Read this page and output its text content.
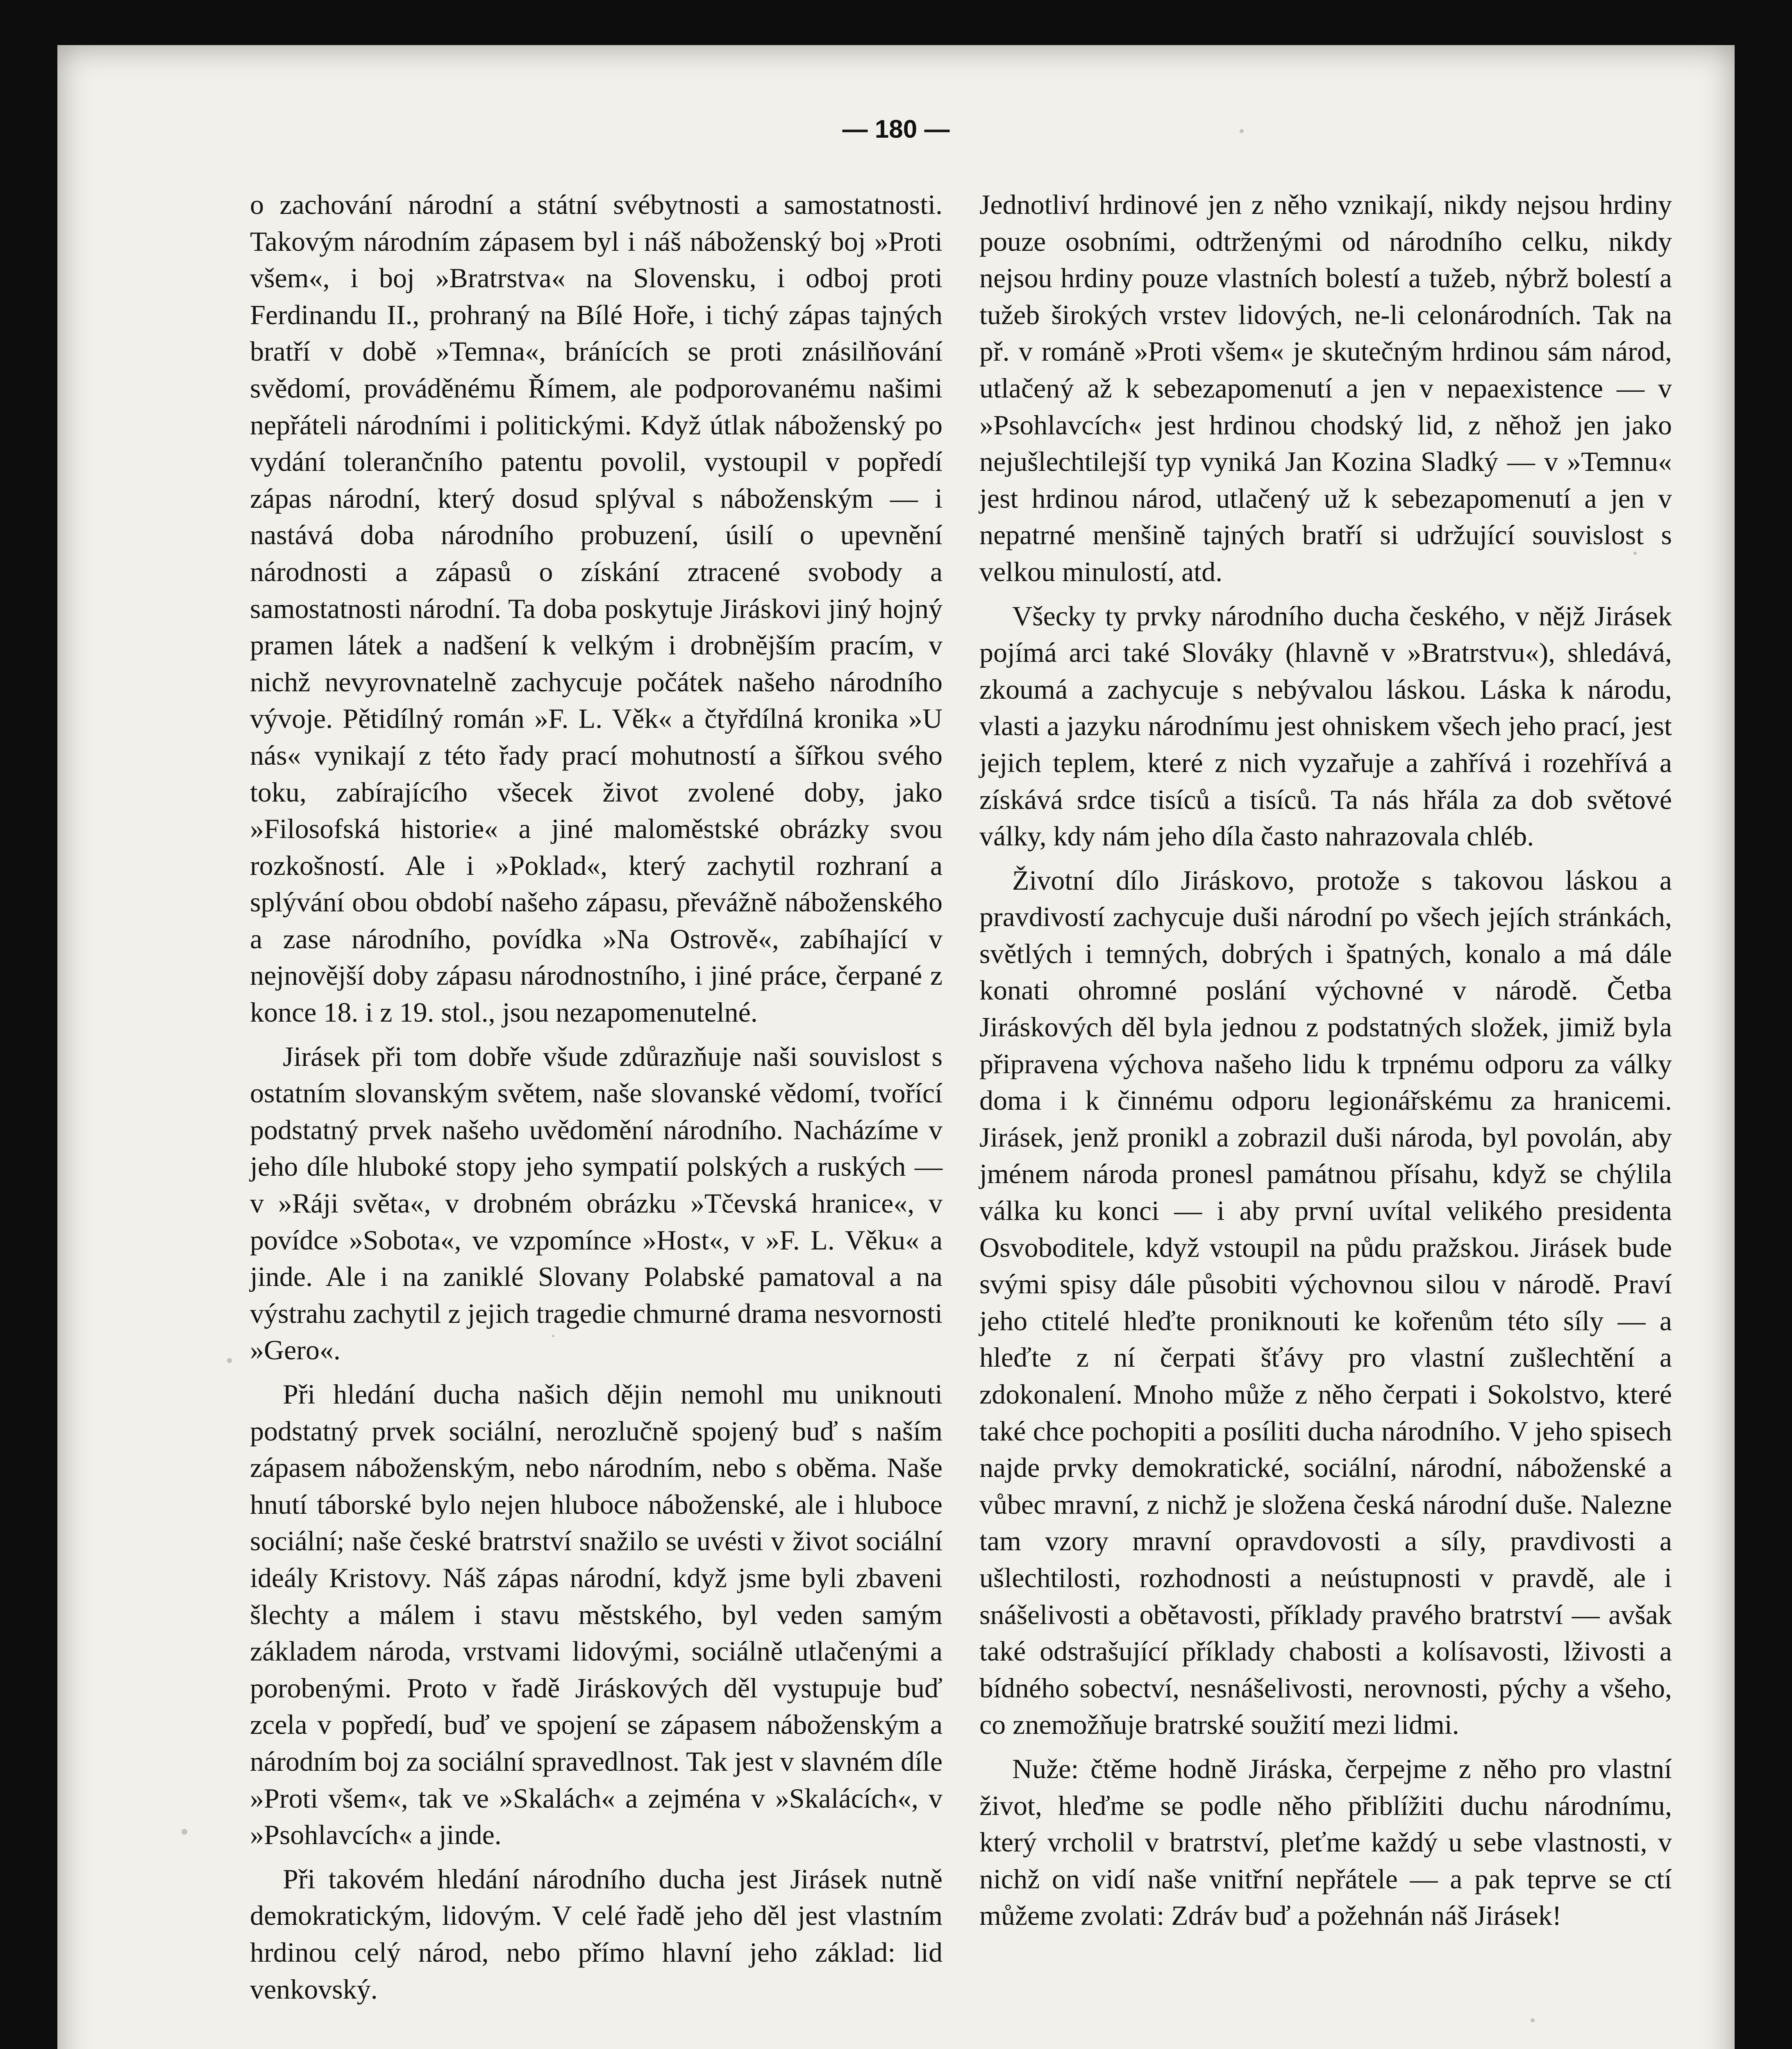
— 180 —

o zachování národní a státní svébytnosti a samostatnosti. Takovým národním zápasem byl i náš náboženský boj »Proti všem«, i boj »Bratrstva« na Slovensku, i odboj proti Ferdinandu II., prohraný na Bílé Hoře, i tichý zápas tajných bratří v době »Temna«, bránících se proti znásilňování svědomí, prováděnému Římem, ale podporovanému našimi nepřáteli národními i politickými. Když útlak náboženský po vydání tolerančního patentu povolil, vystoupil v popředí zápas národní, který dosud splýval s náboženským — i nastává doba národního probuzení, úsilí o upevnění národnosti a zápasů o získání ztracené svobody a samostatnosti národní. Ta doba poskytuje Jiráskovi jiný hojný pramen látek a nadšení k velkým i drobnějším pracím, v nichž nevyrovnatelně zachycuje počátek našeho národního vývoje. Pětidílný román »F. L. Věk« a čtyřdílná kronika »U nás« vynikají z této řady prací mohutností a šířkou svého toku, zabírajícího všecek život zvolené doby, jako »Filosofská historie« a jiné maloměstské obrázky svou rozkošností. Ale i »Poklad«, který zachytil rozhraní a splývání obou období našeho zápasu, převážně náboženského a zase národního, povídka »Na Ostrově«, zabíhající v nejnovější doby zápasu národnostního, i jiné práce, čerpané z konce 18. i z 19. stol., jsou nezapomenutelné.

Jirásek při tom dobře všude zdůrazňuje naši souvislost s ostatním slovanským světem, naše slovanské vědomí, tvořící podstatný prvek našeho uvědomění národního. Nacházíme v jeho díle hluboké stopy jeho sympatií polských a ruských — v »Ráji světa«, v drobném obrázku »Tčevská hranice«, v povídce »Sobota«, ve vzpomínce »Host«, v »F. L. Věku« a jinde. Ale i na zaniklé Slovany Polabské pamatoval a na výstrahu zachytil z jejich tragedie chmurné drama nesvornosti »Gero«.

Při hledání ducha našich dějin nemohl mu uniknouti podstatný prvek sociální, nerozlučně spojený buď s naším zápasem náboženským, nebo národním, nebo s oběma. Naše hnutí táborské bylo nejen hluboce náboženské, ale i hluboce sociální; naše české bratrství snažilo se uvésti v život sociální ideály Kristovy. Náš zápas národní, když jsme byli zbaveni šlechty a málem i stavu městského, byl veden samým základem národa, vrstvami lidovými, sociálně utlačenými a porobenými. Proto v řadě Jiráskových děl vystupuje buď zcela v popředí, buď ve spojení se zápasem náboženským a národním boj za sociální spravedlnost. Tak jest v slavném díle »Proti všem«, tak ve »Skalách« a zejména v »Skalácích«, v »Psohlavcích« a jinde.

Při takovém hledání národního ducha jest Jirásek nutně demokratickým, lidovým. V celé řadě jeho děl jest vlastním hrdinou celý národ, nebo přímo hlavní jeho základ: lid venkovský.

Jednotliví hrdinové jen z něho vznikají, nikdy nejsou hrdiny pouze osobními, odtrženými od národního celku, nikdy nejsou hrdiny pouze vlastních bolestí a tužeb, nýbrž bolestí a tužeb širokých vrstev lidových, ne-li celonárodních. Tak na př. v románě »Proti všem« je skutečným hrdinou sám národ, utlačený až k sebezapomenutí a jen v nepaexistence — v »Psohlavcích« jest hrdinou chodský lid, z něhož jen jako nejušlechtilejší typ vyniká Jan Kozina Sladký — v »Temnu« jest hrdinou národ, utlačený už k sebezapomenutí a jen v nepatrné menšině tajných bratří si udržující souvislost s velkou minulostí, atd.

Všecky ty prvky národního ducha českého, v nějž Jirásek pojímá arci také Slováky (hlavně v »Bratrstvu«), shledává, zkoumá a zachycuje s nebývalou láskou. Láska k národu, vlasti a jazyku národnímu jest ohniskem všech jeho prací, jest jejich teplem, které z nich vyzařuje a zahřívá i rozehřívá a získává srdce tisíců a tisíců. Ta nás hřála za dob světové války, kdy nám jeho díla často nahrazovala chléb.

Životní dílo Jiráskovo, protože s takovou láskou a pravdivostí zachycuje duši národní po všech jejích stránkách, světlých i temných, dobrých i špatných, konalo a má dále konati ohromné poslání výchovné v národě. Četba Jiráskových děl byla jednou z podstatných složek, jimiž byla připravena výchova našeho lidu k trpnému odporu za války doma i k činnému odporu legionářskému za hranicemi. Jirásek, jenž pronikl a zobrazil duši národa, byl povolán, aby jménem národa pronesl památnou přísahu, když se chýlila válka ku konci — i aby první uvítal velikého presidenta Osvoboditele, když vstoupil na půdu pražskou. Jirásek bude svými spisy dále působiti výchovnou silou v národě. Praví jeho ctitelé hleďte proniknouti ke kořenům této síly — a hleďte z ní čerpati šťávy pro vlastní zušlechtění a zdokonalení. Mnoho může z něho čerpati i Sokolstvo, které také chce pochopiti a posíliti ducha národního. V jeho spisech najde prvky demokratické, sociální, národní, náboženské a vůbec mravní, z nichž je složena česká národní duše. Nalezne tam vzory mravní opravdovosti a síly, pravdivosti a ušlechtilosti, rozhodnosti a neústupnosti v pravdě, ale i snášelivosti a obětavosti, příklady pravého bratrství — avšak také odstrašující příklady chabosti a kolísavosti, lživosti a bídného sobectví, nesnášelivosti, nerovnosti, pýchy a všeho, co znemožňuje bratrské soužití mezi lidmi.

Nuže: čtěme hodně Jiráska, čerpejme z něho pro vlastní život, hleďme se podle něho přiblížiti duchu národnímu, který vrcholil v bratrství, pleťme každý u sebe vlastnosti, v nichž on vidí naše vnitřní nepřátele — a pak teprve se ctí můžeme zvolati: Zdráv buď a požehnán náš Jirásek!
